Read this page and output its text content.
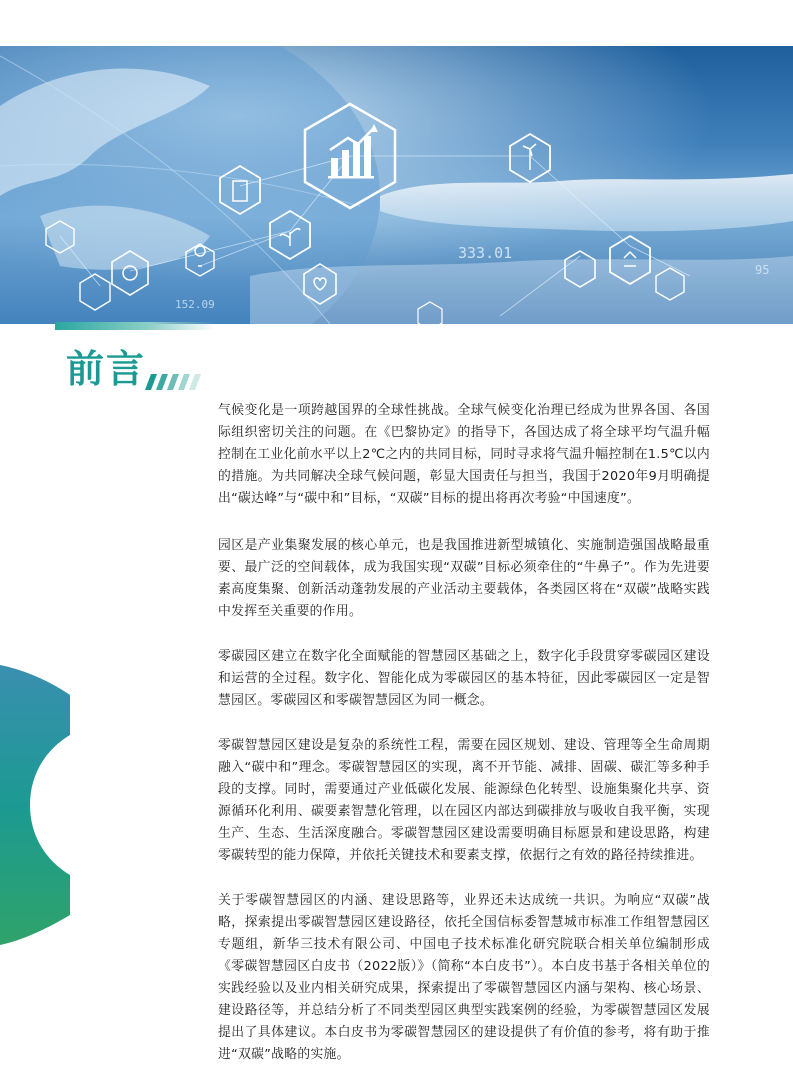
333.01
152.09
95
前言

气候变化是一项跨越国界的全球性挑战。全球气候变化治理已经成为世界各国、各国际组织密切关注的问题。在《巴黎协定》的指导下，各国达成了将全球平均气温升幅控制在工业化前水平以上2℃之内的共同目标，同时寻求将气温升幅控制在1.5℃以内的措施。为共同解决全球气候问题，彰显大国责任与担当，我国于2020年9月明确提出“碳达峰”与“碳中和”目标，“双碳”目标的提出将再次考验“中国速度”。

园区是产业集聚发展的核心单元，也是我国推进新型城镇化、实施制造强国战略最重要、最广泛的空间载体，成为我国实现“双碳”目标必须牵住的“牛鼻子”。作为先进要素高度集聚、创新活动蓬勃发展的产业活动主要载体，各类园区将在“双碳”战略实践中发挥至关重要的作用。

零碳园区建立在数字化全面赋能的智慧园区基础之上，数字化手段贯穿零碳园区建设和运营的全过程。数字化、智能化成为零碳园区的基本特征，因此零碳园区一定是智慧园区。零碳园区和零碳智慧园区为同一概念。

零碳智慧园区建设是复杂的系统性工程，需要在园区规划、建设、管理等全生命周期融入“碳中和”理念。零碳智慧园区的实现，离不开节能、减排、固碳、碳汇等多种手段的支撑。同时，需要通过产业低碳化发展、能源绿色化转型、设施集聚化共享、资源循环化利用、碳要素智慧化管理，以在园区内部达到碳排放与吸收自我平衡，实现生产、生态、生活深度融合。零碳智慧园区建设需要明确目标愿景和建设思路，构建零碳转型的能力保障，并依托关键技术和要素支撑，依据行之有效的路径持续推进。

关于零碳智慧园区的内涵、建设思路等，业界还未达成统一共识。为响应“双碳”战略，探索提出零碳智慧园区建设路径，依托全国信标委智慧城市标准工作组智慧园区专题组，新华三技术有限公司、中国电子技术标准化研究院联合相关单位编制形成《零碳智慧园区白皮书（2022版）》（简称“本白皮书”）。本白皮书基于各相关单位的实践经验以及业内相关研究成果，探索提出了零碳智慧园区内涵与架构、核心场景、建设路径等，并总结分析了不同类型园区典型实践案例的经验，为零碳智慧园区发展提出了具体建议。本白皮书为零碳智慧园区的建设提供了有价值的参考，将有助于推进“双碳”战略的实施。
